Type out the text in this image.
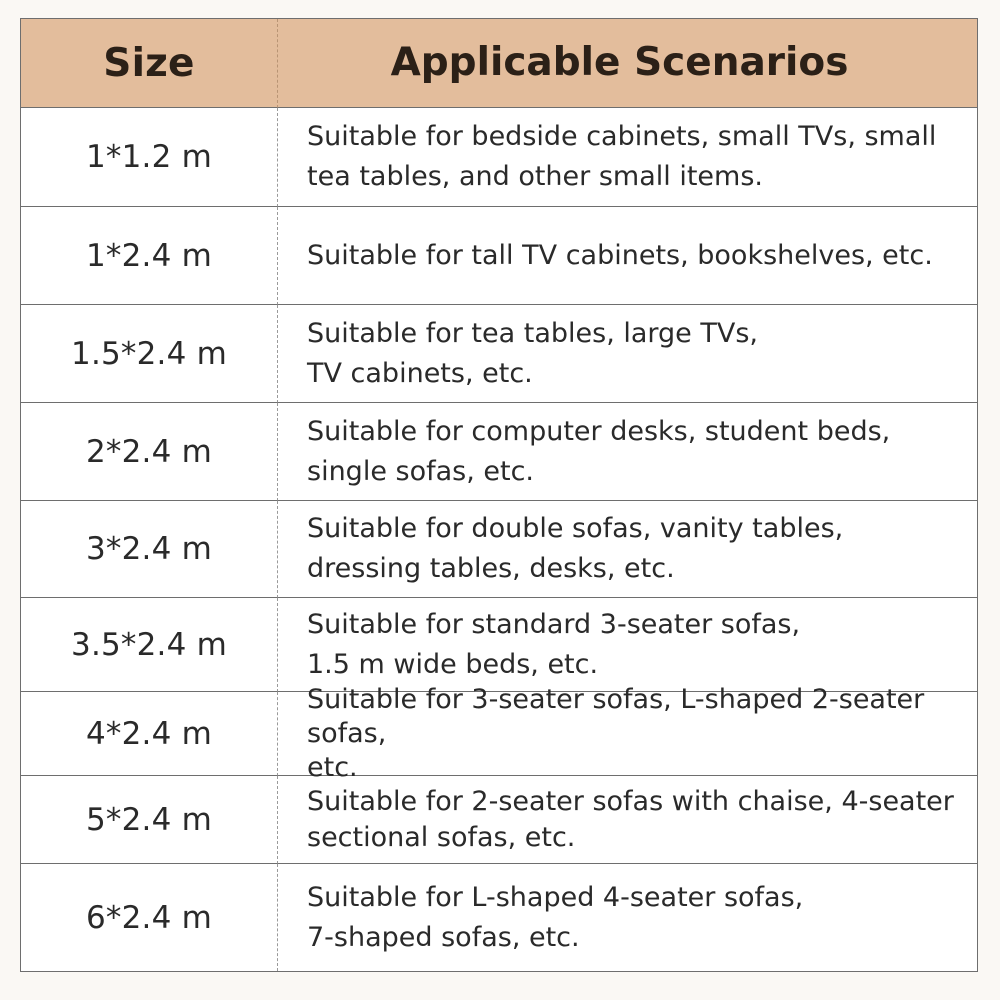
Size	Applicable Scenarios
1*1.2 m
Suitable for bedside cabinets, small TVs, small
tea tables, and other small items.
1*2.4 m	Suitable for tall TV cabinets, bookshelves, etc.
1.5*2.4 m
Suitable for tea tables, large TVs,
TV cabinets, etc.
2*2.4 m
Suitable for computer desks, student beds,
single sofas, etc.
3*2.4 m
Suitable for double sofas, vanity tables,
dressing tables, desks, etc.
3.5*2.4 m
Suitable for standard 3-seater sofas,
1.5 m wide beds, etc.
4*2.4 m
Suitable for 3-seater sofas, L-shaped 2-seater sofas,
etc.
5*2.4 m
Suitable for 2-seater sofas with chaise, 4-seater
sectional sofas, etc.
6*2.4 m
Suitable for L-shaped 4-seater sofas,
7-shaped sofas, etc.
